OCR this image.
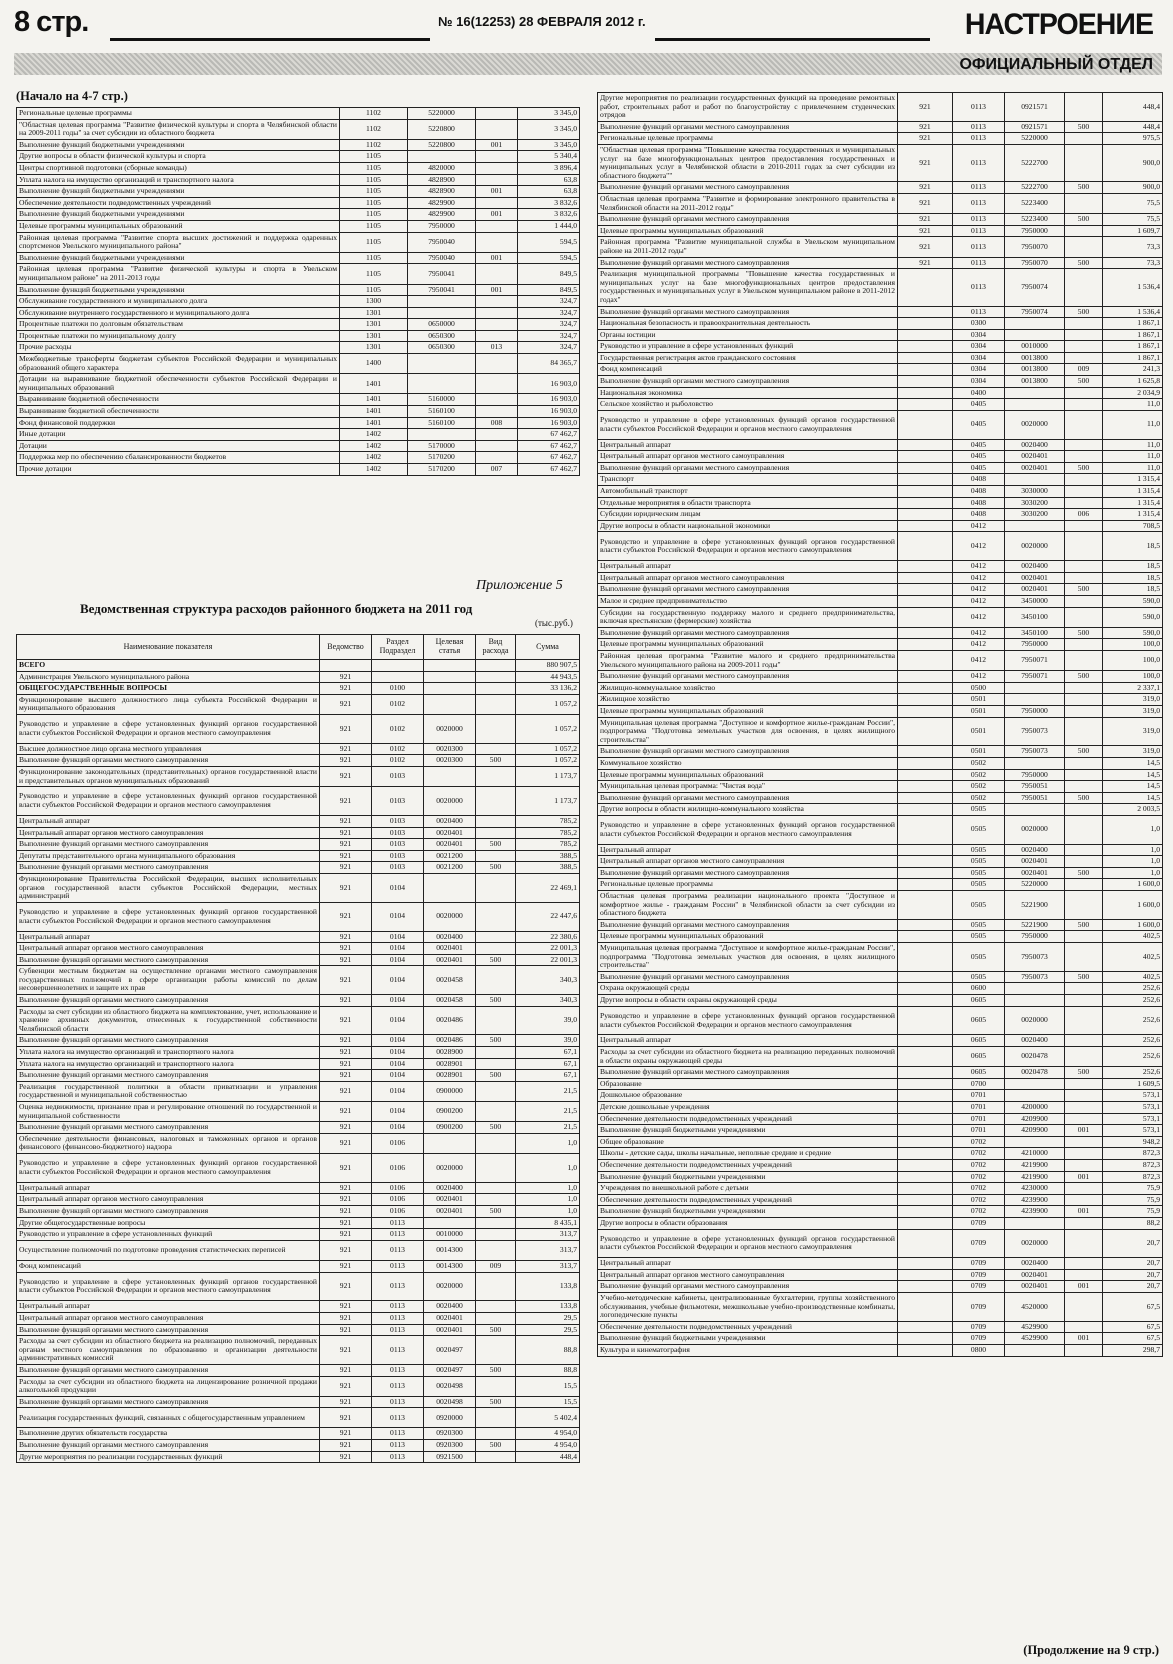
8 стр.	№ 16(12253) 28 ФЕВРАЛЯ 2012 г.	НАСТРОЕНИЕ
ОФИЦИАЛЬНЫЙ ОТДЕЛ
(Начало на 4-7 стр.)
Региональные целевые программы	1102	5220000		3 345,0
"Областная целевая программа "Развитие физической культуры и спорта в Челябинской области на 2009-2011 годы" за счет субсидии из областного бюджета	1102	5220800		3 345,0
Выполнение функций бюджетными учреждениями	1102	5220800	001	3 345,0
Другие вопросы в области физической культуры и спорта	1105			5 340,4
Центры спортивной подготовки (сборные команды)	1105	4820000		3 896,4
Уплата налога на имущество организаций и транспортного налога	1105	4828900		63,8
Выполнение функций бюджетными учреждениями	1105	4828900	001	63,8
Обеспечение деятельности подведомственных учреждений	1105	4829900		3 832,6
Выполнение функций бюджетными учреждениями	1105	4829900	001	3 832,6
Целевые программы муниципальных образований	1105	7950000		1 444,0
Районная целевая программа "Развитие спорта высших достижений и поддержка одаренных спортсменов Увельского муниципального района"	1105	7950040		594,5
Выполнение функций бюджетными учреждениями	1105	7950040	001	594,5
Районная целевая программа "Развитие физической культуры и спорта в Увельском муниципальном районе" на 2011-2013 годы	1105	7950041		849,5
Выполнение функций бюджетными учреждениями	1105	7950041	001	849,5
Обслуживание государственного и муниципального долга	1300			324,7
Обслуживание внутреннего государственного и муниципального долга	1301			324,7
Процентные платежи по долговым обязательствам	1301	0650000		324,7
Процентные платежи по муниципальному долгу	1301	0650300		324,7
Прочие расходы	1301	0650300	013	324,7
Межбюджетные трансферты бюджетам субъектов Российской Федерации и муниципальных образований общего характера	1400			84 365,7
Дотации на выравнивание бюджетной обеспеченности субъектов Российской Федерации и муниципальных образований	1401			16 903,0
Выравнивание бюджетной обеспеченности	1401	5160000		16 903,0
Выравнивание бюджетной обеспеченности	1401	5160100		16 903,0
Фонд финансовой поддержки	1401	5160100	008	16 903,0
Иные дотации	1402			67 462,7
Дотации	1402	5170000		67 462,7
Поддержка мер по обеспечению сбалансированности бюджетов	1402	5170200		67 462,7
Прочие дотации	1402	5170200	007	67 462,7
Приложение 5
Ведомственная структура расходов районного бюджета на 2011 год
(тыс.руб.)
Наименование показателя	Ведомство	Раздел Подраздел	Целевая статья	Вид расхода	Сумма
ВСЕГО					880 907,5
Администрация Увельского муниципального района	921				44 943,5
ОБЩЕГОСУДАРСТВЕННЫЕ ВОПРОСЫ	921	0100			33 136,2
Функционирование высшего должностного лица субъекта Российской Федерации и муниципального образования	921	0102			1 057,2
Руководство и управление в сфере установленных функций органов государственной власти субъектов Российской Федерации и органов местного самоуправления	921	0102	0020000		1 057,2
Высшее должностное лицо органа местного управления	921	0102	0020300		1 057,2
Выполнение функций органами местного самоуправления	921	0102	0020300	500	1 057,2
Функционирование законодательных (представительных) органов государственной власти и представительных органов муниципальных образований	921	0103			1 173,7
Руководство и управление в сфере установленных функций органов государственной власти субъектов Российской Федерации и органов местного самоуправления	921	0103	0020000		1 173,7
Центральный аппарат	921	0103	0020400		785,2
Центральный аппарат органов местного самоуправления	921	0103	0020401		785,2
Выполнение функций органами местного самоуправления	921	0103	0020401	500	785,2
Депутаты представительного органа муниципального образования	921	0103	0021200		388,5
Выполнение функций органами местного самоуправления	921	0103	0021200	500	388,5
Функционирование Правительства Российской Федерации, высших исполнительных органов государственной власти субъектов Российской Федерации, местных администраций	921	0104			22 469,1
Руководство и управление в сфере установленных функций органов государственной власти субъектов Российской Федерации и органов местного самоуправления	921	0104	0020000		22 447,6
Центральный аппарат	921	0104	0020400		22 380,6
Центральный аппарат органов местного самоуправления	921	0104	0020401		22 001,3
Выполнение функций органами местного самоуправления	921	0104	0020401	500	22 001,3
Субвенции местным бюджетам на осуществление органами местного самоуправления государственных полномочий в сфере организации работы комиссий по делам несовершеннолетних и защите их прав	921	0104	0020458		340,3
Выполнение функций органами местного самоуправления	921	0104	0020458	500	340,3
Расходы за счет субсидии из областного бюджета на комплектование, учет, использование и хранение архивных документов, отнесенных к государственной собственности Челябинской области	921	0104	0020486		39,0
Выполнение функций органами местного самоуправления	921	0104	0020486	500	39,0
Уплата налога на имущество организаций и транспортного налога	921	0104	0028900		67,1
Уплата налога на имущество организаций и транспортного налога	921	0104	0028901		67,1
Выполнение функций органами местного самоуправления	921	0104	0028901	500	67,1
Реализация государственной политики в области приватизации и управления государственной и муниципальной собственностью	921	0104	0900000		21,5
Оценка недвижимости, признание прав и регулирование отношений по государственной и муниципальной собственности	921	0104	0900200		21,5
Выполнение функций органами местного самоуправления	921	0104	0900200	500	21,5
Обеспечение деятельности финансовых, налоговых и таможенных органов и органов финансового (финансово-бюджетного) надзора	921	0106			1,0
Руководство и управление в сфере установленных функций органов государственной власти субъектов Российской Федерации и органов местного самоуправления	921	0106	0020000		1,0
Центральный аппарат	921	0106	0020400		1,0
Центральный аппарат органов местного самоуправления	921	0106	0020401		1,0
Выполнение функций органами местного самоуправления	921	0106	0020401	500	1,0
Другие общегосударственные вопросы	921	0113			8 435,1
Руководство и управление в сфере установленных функций	921	0113	0010000		313,7
Осуществление полномочий по подготовке проведения статистических переписей	921	0113	0014300		313,7
Фонд компенсаций	921	0113	0014300	009	313,7
Руководство и управление в сфере установленных функций органов государственной власти субъектов Российской Федерации и органов местного самоуправления	921	0113	0020000		133,8
Центральный аппарат	921	0113	0020400		133,8
Центральный аппарат органов местного самоуправления	921	0113	0020401		29,5
Выполнение функций органами местного самоуправления	921	0113	0020401	500	29,5
Расходы за счет субсидии из областного бюджета на реализацию полномочий, переданных органам местного самоуправления по образованию и организации деятельности административных комиссий	921	0113	0020497		88,8
Выполнение функций органами местного самоуправления	921	0113	0020497	500	88,8
Расходы за счет субсидии из областного бюджета на лицензирование розничной продажи алкогольной продукции	921	0113	0020498		15,5
Выполнение функций органами местного самоуправления	921	0113	0020498	500	15,5
Реализация государственных функций, связанных с общегосударственным управлением	921	0113	0920000		5 402,4
Выполнение других обязательств государства	921	0113	0920300		4 954,0
Выполнение функций органами местного самоуправления	921	0113	0920300	500	4 954,0
Другие мероприятия по реализации государственных функций	921	0113	0921500		448,4
Другие мероприятия по реализации государственных функций на проведение ремонтных работ, строительных работ и работ по благоустройству с привлечением студенческих отрядов	921	0113	0921571		448,4
Выполнение функций органами местного самоуправления	921	0113	0921571	500	448,4
Региональные целевые программы	921	0113	5220000		975,5
"Областная целевая программа "Повышение качества государственных и муниципальных услуг на базе многофункциональных центров предоставления государственных и муниципальных услуг в Челябинской области в 2010-2011 годах за счет субсидии из областного бюджета""	921	0113	5222700		900,0
Выполнение функций органами местного самоуправления	921	0113	5222700	500	900,0
Областная целевая программа "Развитие и формирование электронного правительства в Челябинской области на 2011-2012 годы"	921	0113	5223400		75,5
Выполнение функций органами местного самоуправления	921	0113	5223400	500	75,5
Целевые программы муниципальных образований	921	0113	7950000		1 609,7
Районная программа "Развитие муниципальной службы в Увельском муниципальном районе на 2011-2012 годы"	921	0113	7950070		73,3
Выполнение функций органами местного самоуправления	921	0113	7950070	500	73,3
Реализация муниципальной программы "Повышение качества государственных и муниципальных услуг на базе многофункциональных центров предоставления государственных и муниципальных услуг в Увельском муниципальном районе в 2011-2012 годах"		0113	7950074		1 536,4
Выполнение функций органами местного самоуправления		0113	7950074	500	1 536,4
Национальная безопасность и правоохранительная деятельность		0300			1 867,1
Органы юстиции		0304			1 867,1
Руководство и управление в сфере установленных функций		0304	0010000		1 867,1
Государственная регистрация актов гражданского состояния		0304	0013800		1 867,1
Фонд компенсаций		0304	0013800	009	241,3
Выполнение функций органами местного самоуправления		0304	0013800	500	1 625,8
Национальная экономика		0400			2 034,9
Сельское хозяйство и рыболовство		0405			11,0
Руководство и управление в сфере установленных функций органов государственной власти субъектов Российской Федерации и органов местного самоуправления		0405	0020000		11,0
Центральный аппарат		0405	0020400		11,0
Центральный аппарат органов местного самоуправления		0405	0020401		11,0
Выполнение функций органами местного самоуправления		0405	0020401	500	11,0
Транспорт		0408			1 315,4
Автомобильный транспорт		0408	3030000		1 315,4
Отдельные мероприятия в области транспорта		0408	3030200		1 315,4
Субсидии юридическим лицам		0408	3030200	006	1 315,4
Другие вопросы в области национальной экономики		0412			708,5
Руководство и управление в сфере установленных функций органов государственной власти субъектов Российской Федерации и органов местного самоуправления		0412	0020000		18,5
Центральный аппарат		0412	0020400		18,5
Центральный аппарат органов местного самоуправления		0412	0020401		18,5
Выполнение функций органами местного самоуправления		0412	0020401	500	18,5
Малое и среднее предпринимательство		0412	3450000		590,0
Субсидии на государственную поддержку малого и среднего предпринимательства, включая крестьянские (фермерские) хозяйства		0412	3450100		590,0
Выполнение функций органами местного самоуправления		0412	3450100	500	590,0
Целевые программы муниципальных образований		0412	7950000		100,0
Районная целевая программа "Развитие малого и среднего предпринимательства Увельского муниципального района на 2009-2011 годы"		0412	7950071		100,0
Выполнение функций органами местного самоуправления		0412	7950071	500	100,0
Жилищно-коммунальное хозяйство		0500			2 337,1
Жилищное хозяйство		0501			319,0
Целевые программы муниципальных образований		0501	7950000		319,0
Муниципальная целевая программа "Доступное и комфортное жилье-гражданам России", подпрограмма "Подготовка земельных участков для освоения, в целях жилищного строительства"		0501	7950073		319,0
Выполнение функций органами местного самоуправления		0501	7950073	500	319,0
Коммунальное хозяйство		0502			14,5
Целевые программы муниципальных образований		0502	7950000		14,5
Муниципальная целевая программа: "Чистая вода"		0502	7950051		14,5
Выполнение функций органами местного самоуправления		0502	7950051	500	14,5
Другие вопросы в области жилищно-коммунального хозяйства		0505			2 003,5
Руководство и управление в сфере установленных функций органов государственной власти субъектов Российской Федерации и органов местного самоуправления		0505	0020000		1,0
Центральный аппарат		0505	0020400		1,0
Центральный аппарат органов местного самоуправления		0505	0020401		1,0
Выполнение функций органами местного самоуправления		0505	0020401	500	1,0
Региональные целевые программы		0505	5220000		1 600,0
Областная целевая программа реализации национального проекта "Доступное и комфортное жилье - гражданам России" в Челябинской области за счет субсидии из областного бюджета		0505	5221900		1 600,0
Выполнение функций органами местного самоуправления		0505	5221900	500	1 600,0
Целевые программы муниципальных образований		0505	7950000		402,5
Муниципальная целевая программа "Доступное и комфортное жилье-гражданам России", подпрограмма "Подготовка земельных участков для освоения, в целях жилищного строительства"		0505	7950073		402,5
Выполнение функций органами местного самоуправления		0505	7950073	500	402,5
Охрана окружающей среды		0600			252,6
Другие вопросы в области охраны окружающей среды		0605			252,6
Руководство и управление в сфере установленных функций органов государственной власти субъектов Российской Федерации и органов местного самоуправления		0605	0020000		252,6
Центральный аппарат		0605	0020400		252,6
Расходы за счет субсидии из областного бюджета на реализацию переданных полномочий в области охраны окружающей среды		0605	0020478		252,6
Выполнение функций органами местного самоуправления		0605	0020478	500	252,6
Образование		0700			1 609,5
Дошкольное образование		0701			573,1
Детские дошкольные учреждения		0701	4200000		573,1
Обеспечение деятельности подведомственных учреждений		0701	4209900		573,1
Выполнение функций бюджетными учреждениями		0701	4209900	001	573,1
Общее образование		0702			948,2
Школы - детские сады, школы начальные, неполные средние и средние		0702	4210000		872,3
Обеспечение деятельности подведомственных учреждений		0702	4219900		872,3
Выполнение функций бюджетными учреждениями		0702	4219900	001	872,3
Учреждения по внешкольной работе с детьми		0702	4230000		75,9
Обеспечение деятельности подведомственных учреждений		0702	4239900		75,9
Выполнение функций бюджетными учреждениями		0702	4239900	001	75,9
Другие вопросы в области образования		0709			88,2
Руководство и управление в сфере установленных функций органов государственной власти субъектов Российской Федерации и органов местного самоуправления		0709	0020000		20,7
Центральный аппарат		0709	0020400		20,7
Центральный аппарат органов местного самоуправления		0709	0020401		20,7
Выполнение функций органами местного самоуправления		0709	0020401	001	20,7
Учебно-методические кабинеты, централизованные бухгалтерии, группы хозяйственного обслуживания, учебные фильмотеки, межшкольные учебно-производственные комбинаты, логопедические пункты		0709	4520000		67,5
Обеспечение деятельности подведомственных учреждений		0709	4529900		67,5
Выполнение функций бюджетными учреждениями		0709	4529900	001	67,5
Культура и кинематография		0800			298,7
(Продолжение на 9 стр.)
